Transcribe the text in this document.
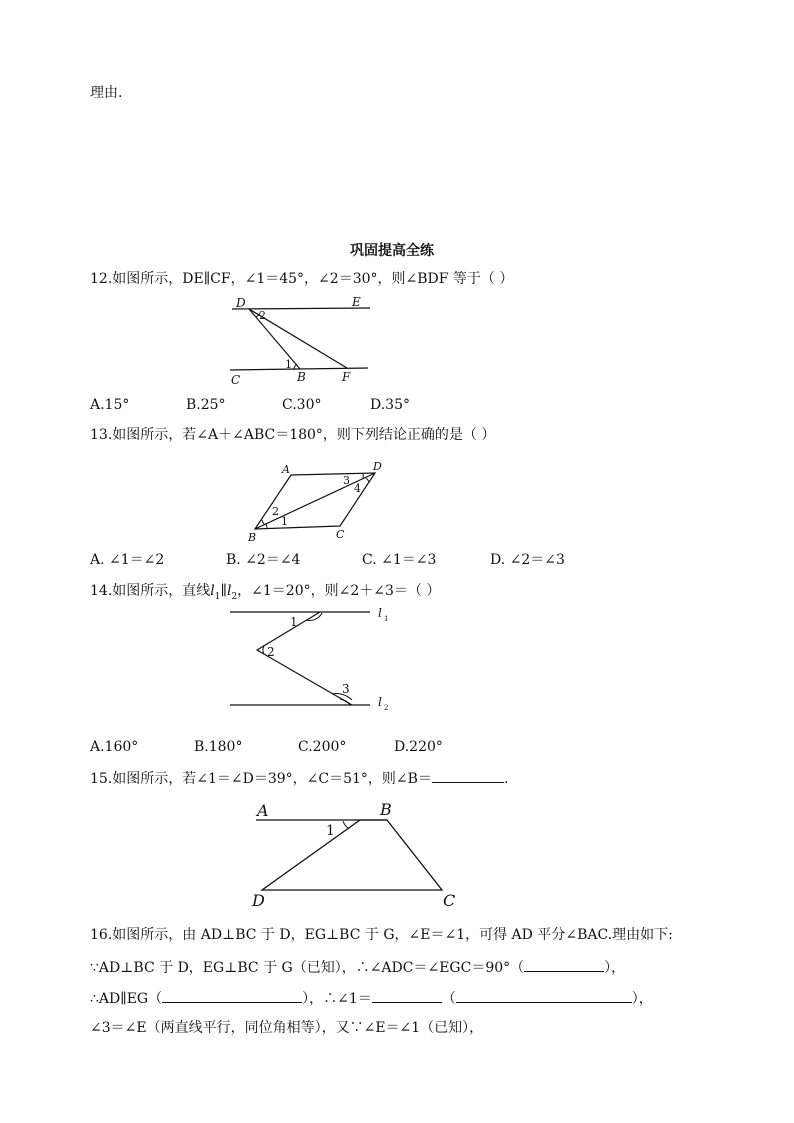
理由.
巩固提高全练
12.如图所示，DE∥CF，∠1＝45°，∠2＝30°，则∠BDF 等于（ ）
D	E
2
1
C	B	F
A.15°	B.25°	C.30°	D.35°
13.如图所示，若∠A＋∠ABC＝180°，则下列结论正确的是（ ）
A	D
3
4
2
1
B	C
A. ∠1＝∠2	B. ∠2＝∠4	C. ∠1＝∠3	D. ∠2＝∠3
14.如图所示，直线$l_1\parallel l_2$，∠1＝20°，则∠2＋∠3＝（ ）
1
2
3
l 1
l 2
A.160°	B.180°	C.200°	D.220°
15.如图所示，若∠1＝∠D＝39°，∠C＝51°，则∠B＝	.
A	B
1
D	C
16.如图所示，由 AD⊥BC 于 D，EG⊥BC 于 G，∠E＝∠1，可得 AD 平分∠BAC.理由如下:
∵AD⊥BC 于 D，EG⊥BC 于 G（已知），∴∠ADC＝∠EGC＝90°（	），
∴AD∥EG（	），∴∠1＝	（	），
∠3＝∠E（两直线平行，同位角相等），又∵∠E＝∠1（已知），
